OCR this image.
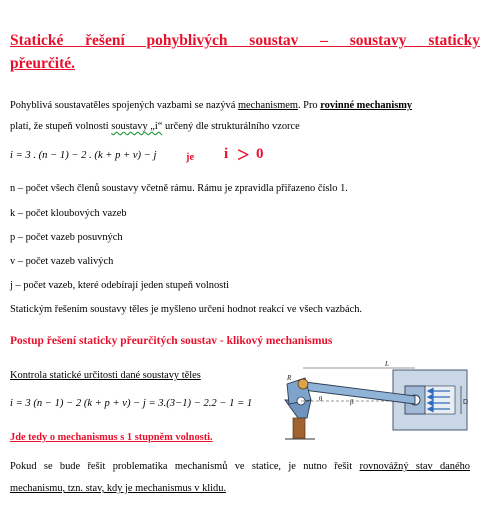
Statické řešení pohyblivých soustav – soustavy staticky přeurčité.

Pohyblivá soustavatěles spojených vazbami se nazývá mechanismem. Pro rovinné mechanismy

platí, že stupeň volnosti soustavy „i“ určený dle strukturálního vzorce

i = 3 . (n − 1) − 2 . (k + p + v) − j	je i > 0

n – počet všech členů soustavy včetně rámu. Rámu je zpravidla přiřazeno číslo 1.

k – počet kloubových vazeb

p – počet vazeb posuvných

v – počet vazeb valivých

j – počet vazeb, které odebírají jeden stupeň volnosti

Statickým řešením soustavy těles je myšleno určení hodnot reakcí ve všech vazbách.

Postup řešení staticky přeurčitých soustav - klikový mechanismus

Kontrola statické určitosti dané soustavy těles

i = 3 (n − 1) − 2 (k + p + v) − j = 3.(3−1) − 2.2 − 1 = 1

Jde tedy o mechanismus s 1 stupněm volnosti.

Pokud se bude řešit problematika mechanismů ve statice, je nutno řešit rovnovážný stav daného

mechanismu, tzn. stav, kdy je mechanismus v klidu.

D
L
R
θ	β
